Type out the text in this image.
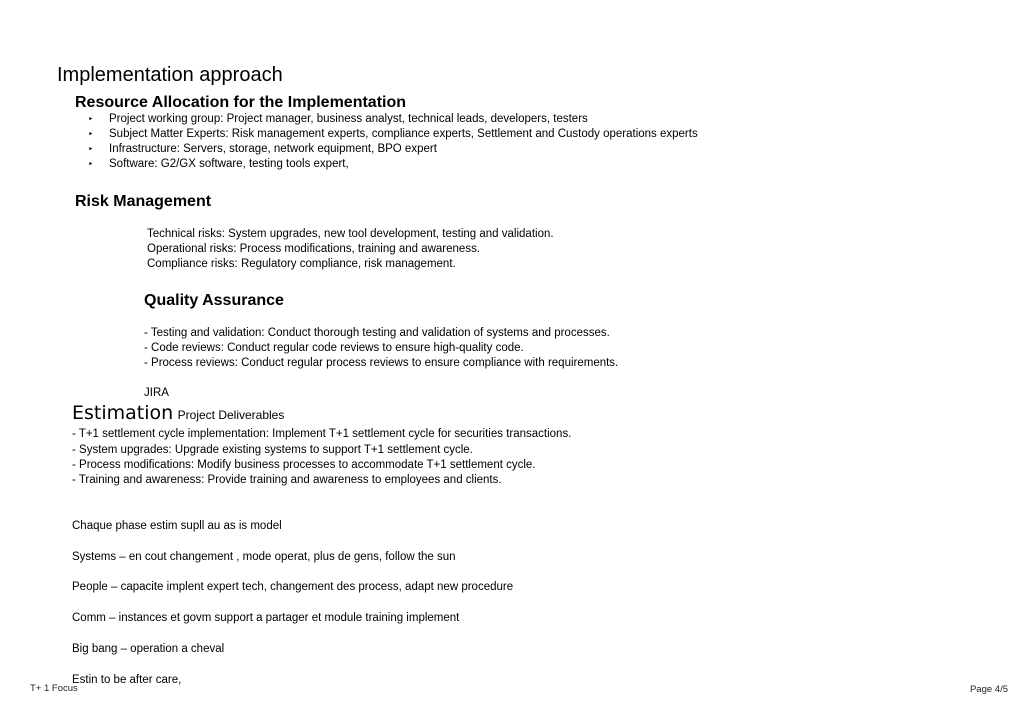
Implementation approach
Resource Allocation for the Implementation
‣ Project working group: Project manager, business analyst, technical leads, developers, testers
‣ Subject Matter Experts: Risk management experts, compliance experts, Settlement and Custody operations experts
‣ Infrastructure: Servers, storage, network equipment, BPO expert
‣ Software: G2/GX software, testing tools expert,
Risk Management
Technical risks: System upgrades, new tool development, testing and validation.
Operational risks: Process modifications, training and awareness.
Compliance risks: Regulatory compliance, risk management.
Quality Assurance
- Testing and validation: Conduct thorough testing and validation of systems and processes.
- Code reviews: Conduct regular code reviews to ensure high-quality code.
- Process reviews: Conduct regular process reviews to ensure compliance with requirements.
JIRA
Estimation Project Deliverables
- T+1 settlement cycle implementation: Implement T+1 settlement cycle for securities transactions.
- System upgrades: Upgrade existing systems to support T+1 settlement cycle.
- Process modifications: Modify business processes to accommodate T+1 settlement cycle.
- Training and awareness: Provide training and awareness to employees and clients.
Chaque phase estim supll au as is model
Systems – en cout changement , mode operat, plus de gens, follow the sun
People – capacite implent expert tech, changement des process, adapt new procedure
Comm – instances et govm support a partager et module training implement
Big bang – operation a cheval
Estin to be after care,
T+ 1 Focus	Page 4/5
